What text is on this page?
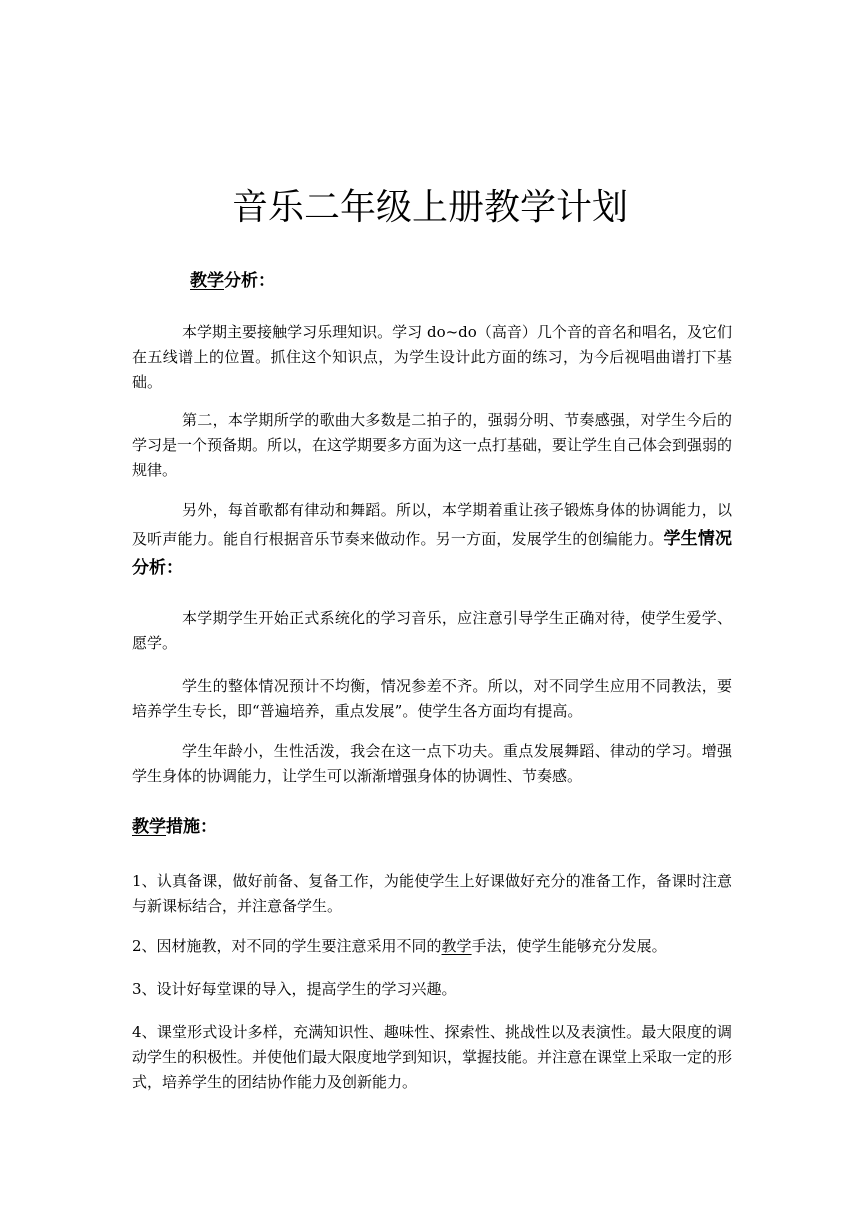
音乐二年级上册教学计划
教学分析：

本学期主要接触学习乐理知识。学习 do~do（高音）几个音的音名和唱名，及它们在五线谱上的位置。抓住这个知识点，为学生设计此方面的练习，为今后视唱曲谱打下基础。

第二，本学期所学的歌曲大多数是二拍子的，强弱分明、节奏感强，对学生今后的学习是一个预备期。所以，在这学期要多方面为这一点打基础，要让学生自己体会到强弱的规律。

另外，每首歌都有律动和舞蹈。所以，本学期着重让孩子锻炼身体的协调能力，以及听声能力。能自行根据音乐节奏来做动作。另一方面，发展学生的创编能力。学生情况分析：

本学期学生开始正式系统化的学习音乐，应注意引导学生正确对待，使学生爱学、愿学。

学生的整体情况预计不均衡，情况参差不齐。所以，对不同学生应用不同教法，要培养学生专长，即“普遍培养，重点发展”。使学生各方面均有提高。

学生年龄小，生性活泼，我会在这一点下功夫。重点发展舞蹈、律动的学习。增强学生身体的协调能力，让学生可以渐渐增强身体的协调性、节奏感。

教学措施：

1、认真备课，做好前备、复备工作，为能使学生上好课做好充分的准备工作，备课时注意与新课标结合，并注意备学生。

2、因材施教，对不同的学生要注意采用不同的教学手法，使学生能够充分发展。

3、设计好每堂课的导入，提高学生的学习兴趣。

4、课堂形式设计多样，充满知识性、趣味性、探索性、挑战性以及表演性。最大限度的调动学生的积极性。并使他们最大限度地学到知识，掌握技能。并注意在课堂上采取一定的形式，培养学生的团结协作能力及创新能力。
